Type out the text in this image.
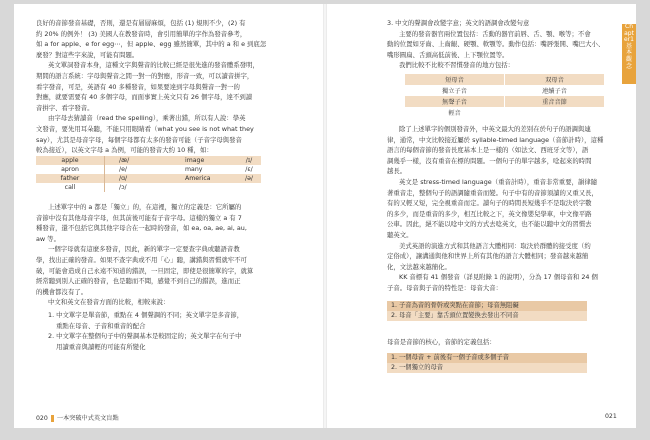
良好的音節發音基礎，否則，還是有層層麻煩，包括 (1) 規則不少，(2) 有

約 20% 的例外！ (3) 美國人在教發音時，會引用簡單的字作為發音參考，

如 a for apple、e for egg⋯，但 apple、egg 雖然簡單，其中的 a 和 e 到底怎

麼發？對這些字來說，可能有問題。

英文單詞發音本身，這種文字與聲音的比較已經是很先進的發音體系發明，

期間的語言系統：字母與聲音之間一對一的對應，形音一致，可以讀音拼字，

看字發音，可是，英語有 40 多種發音，如果要達到字母與聲音一對一的

對應，就要需要有 40 多個字母，而面事實上英文只有 26 個字母，達不到讀

音拼字、看字發音。

由字母去猜讀音（read the spelling），乘著出錯，所以有人說：學英

文發音，要先用耳朵聽，不能只用眼睛看（what you see is not what they

say），尤其是母音字母，每個字母都有太多的發音可能（子音字母與發音

較為接近），以英文字母 a 為例，可能的發音大約 10 種，如：

apple	/æ/	image	/ɪ/
apron	/e/	many	/ɛ/
father	/ɑ/	America	/ə/
call	/ɔ/		

上述單字中的 a 都是「獨立」的，在這裡，獨立的定義是：它所屬的

音節中沒有其他母音字母，但其前後可能有子音字母。這樣的獨立 a 有 7

種發音，還不包括它與其他字母合在一起時的發音，如 ea, oa, ae, ai, au,

aw 等。

一個字母就有這麼多發音，因此，新的單字一定要查字典或聽語音教

學，找出正確的發音。如果不查字典或不用「心」聽，講錯與習慣就牢不可

破，可能會造成自己永遠不知道的錯誤，一旦固定，即使是很簡單的字，就算

經常聽到別人正確的發音，也是聽而不聞，感覺不到自己的錯誤，進而正

的機會都沒有了。

中文和英文在發音方面的比較，相較來說：

1. 中文單字是單音節，重點在 4 個聲調的不同；英文單字是多音節，

重點在母音、子音和重音的配合

2. 中文單字在整個句子中的聲調基本是較固定的；英文單字在句子中

用讀重音與讀輕的可能有所變化

020 一本突破中式英文盲點

3. 中文的聲調會改變字意；英文的語調會改變句意

主要的發音器官兩位置包括：舌動的器官前唇、舌、顎、喉等；不會

動的位置如牙齒、上齒齦、硬顎、軟顎等。動作包括：嘴唇張開、嘴巴大小、

嘴形圓扁、舌頭高低前後、上下顎位置等。

我們比較不比較不習慣發音的地方包括：

短母音	双母音
獨立子音	連續子音
無聲子音	重音音節
輕音	

除了上述單字的個別發音外，中英文最大的差別在於句子的語調與連

律，通常，中文比較接近屬於 syllable-timed language（音節計時），這種

語言的每個音節的發音長度基本上是一樣的（如法文、西班牙文等），語

調幾乎一樣，沒有重音在標的問題。一個句子的單字越多，唸起來的時間

越長。

英文是 stress-timed language（重音計時），重音非常重要，韻律隨

著重音走，整個句子的語調隨重音而變。句子中有的音節須讀的又重又長，

有的又輕又短，完全視重音而定。讀句子的時間長短幾乎不是取決於字數

的多少，而是重音的多少，相互比較之下，英文像嬰兒學車，中文像平路

公車。因此，絕不能以唸中文的方式去唸英文，也不能以聽中文的習慣去

聽英文。

美式英語的演進方式和其他語言大體相同：取決於群體的接受度（約

定俗成），讓溝通與他和世界上所有其他的語言大體相同；發音越來越簡

化，文法越來越簡化。

KK 音標有 41 個發音（詳見附錄 1 的說明），分為 17 個母音和 24 個

子音。母音與子音的特性是：母音大音：

1. 子音為音的骨幹或突點在音節；母音無阻礙
2. 母音「主要」靠舌頭位置變換去發出不同音

母音是音節的核心，音節的定義包括：

1. 一個母音 + 前後有一個子音或多個子音
2. 一個獨立的母音
021
Chapter1 基本觀念
